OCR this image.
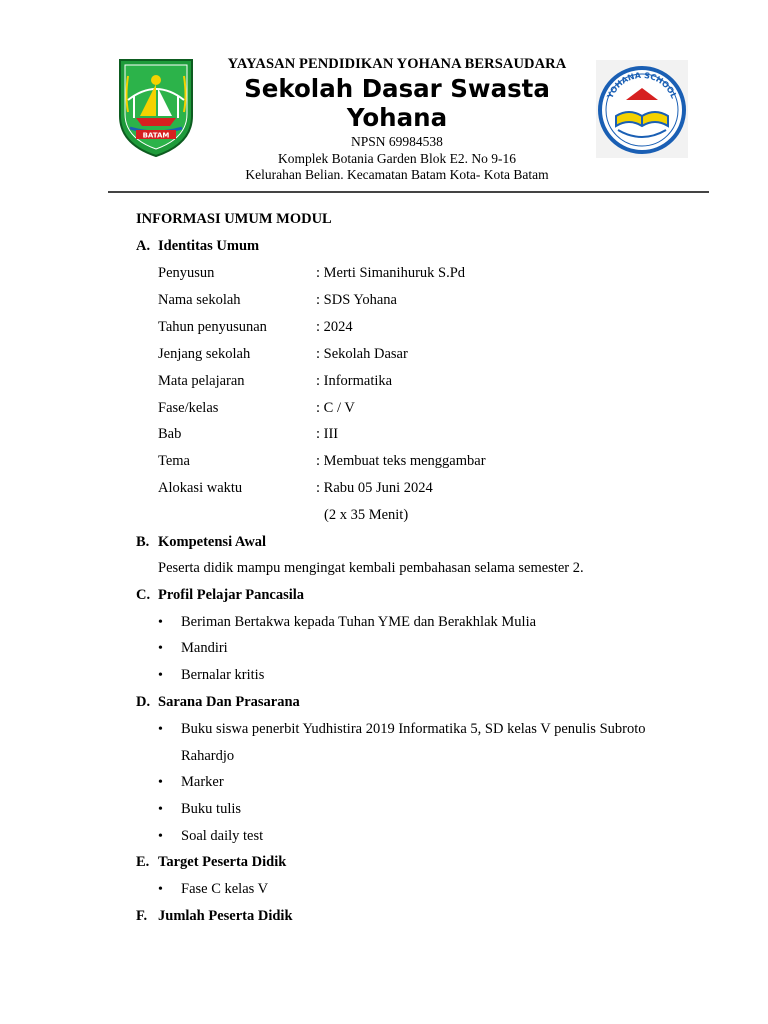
BATAM
YAYASAN PENDIDIKAN YOHANA BERSAUDARA
Sekolah Dasar Swasta
Yohana
NPSN 69984538
Komplek Botania Garden Blok E2. No 9-16
Kelurahan Belian. Kecamatan Batam Kota- Kota Batam
YOHANA SCHOOL
INFORMASI UMUM MODUL
A. Identitas Umum
Penyusun	: Merti Simanihuruk S.Pd
Nama sekolah	: SDS Yohana
Tahun penyusunan	: 2024
Jenjang sekolah	: Sekolah Dasar
Mata pelajaran	: Informatika
Fase/kelas	: C / V
Bab	: III
Tema	: Membuat teks menggambar
Alokasi waktu	: Rabu 05 Juni 2024
(2 x 35 Menit)
B. Kompetensi Awal
Peserta didik mampu mengingat kembali pembahasan selama semester 2.
C. Profil Pelajar Pancasila
• Beriman Bertakwa kepada Tuhan YME dan Berakhlak Mulia
• Mandiri
• Bernalar kritis
D. Sarana Dan Prasarana
• Buku siswa penerbit Yudhistira 2019 Informatika 5, SD kelas V penulis Subroto
Rahardjo
• Marker
• Buku tulis
• Soal daily test
E. Target Peserta Didik
• Fase C kelas V
F. Jumlah Peserta Didik
